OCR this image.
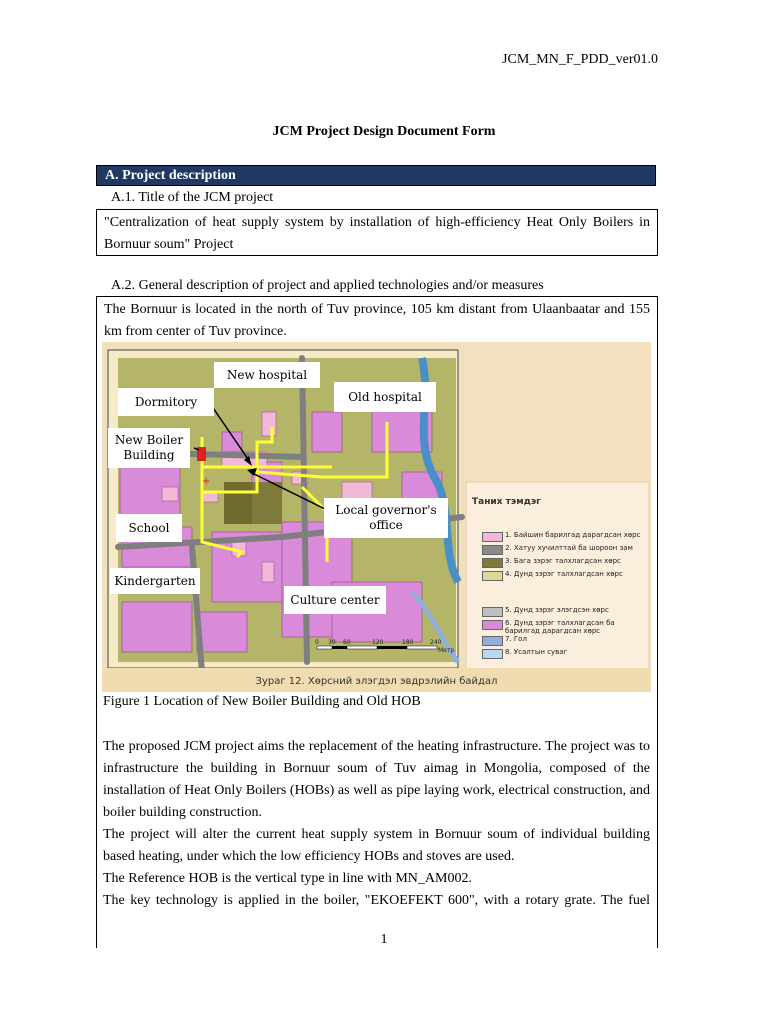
JCM_MN_F_PDD_ver01.0
JCM Project Design Document Form
A. Project description
A.1. Title of the JCM project
"Centralization of heat supply system by installation of high-efficiency Heat Only Boilers in Bornuur soum" Project
A.2. General description of project and applied technologies and/or measures

The Bornuur is located in the north of Tuv province, 105 km distant from Ulaanbaatar and 155 km from center of Tuv province.

+
New hospital
Dormitory	Old hospital
New Boiler
Building
Local governor's
office
School
Kindergarten
Culture center
0 30 60	120	180	240
Метр
Таних тэмдэг
1. Байшин барилгад дарагдсан хөрс
2. Хатуу хучилттай ба шороон зам
3. Бага зэрэг талхлагдсан хөрс
4. Дунд зэрэг талхлагдсан хөрс
5. Дунд зэрэг элэгдсэн хөрс
6. Дунд зэрэг талхлагдсан ба барилгад дарагдсан хөрс
7. Гол
8. Усалтын суваг
Зураг 12. Хөрсний элэгдэл эвдрэлийн байдал
Figure 1 Location of New Boiler Building and Old HOB

The proposed JCM project aims the replacement of the heating infrastructure. The project was to infrastructure the building in Bornuur soum of Tuv aimag in Mongolia, composed of the installation of Heat Only Boilers (HOBs) as well as pipe laying work, electrical construction, and boiler building construction.

The project will alter the current heat supply system in Bornuur soum of individual building based heating, under which the low efficiency HOBs and stoves are used.

The Reference HOB is the vertical type in line with MN_AM002.

The key technology is applied in the boiler, "EKOEFEKT 600", with a rotary grate. The fuel

1
